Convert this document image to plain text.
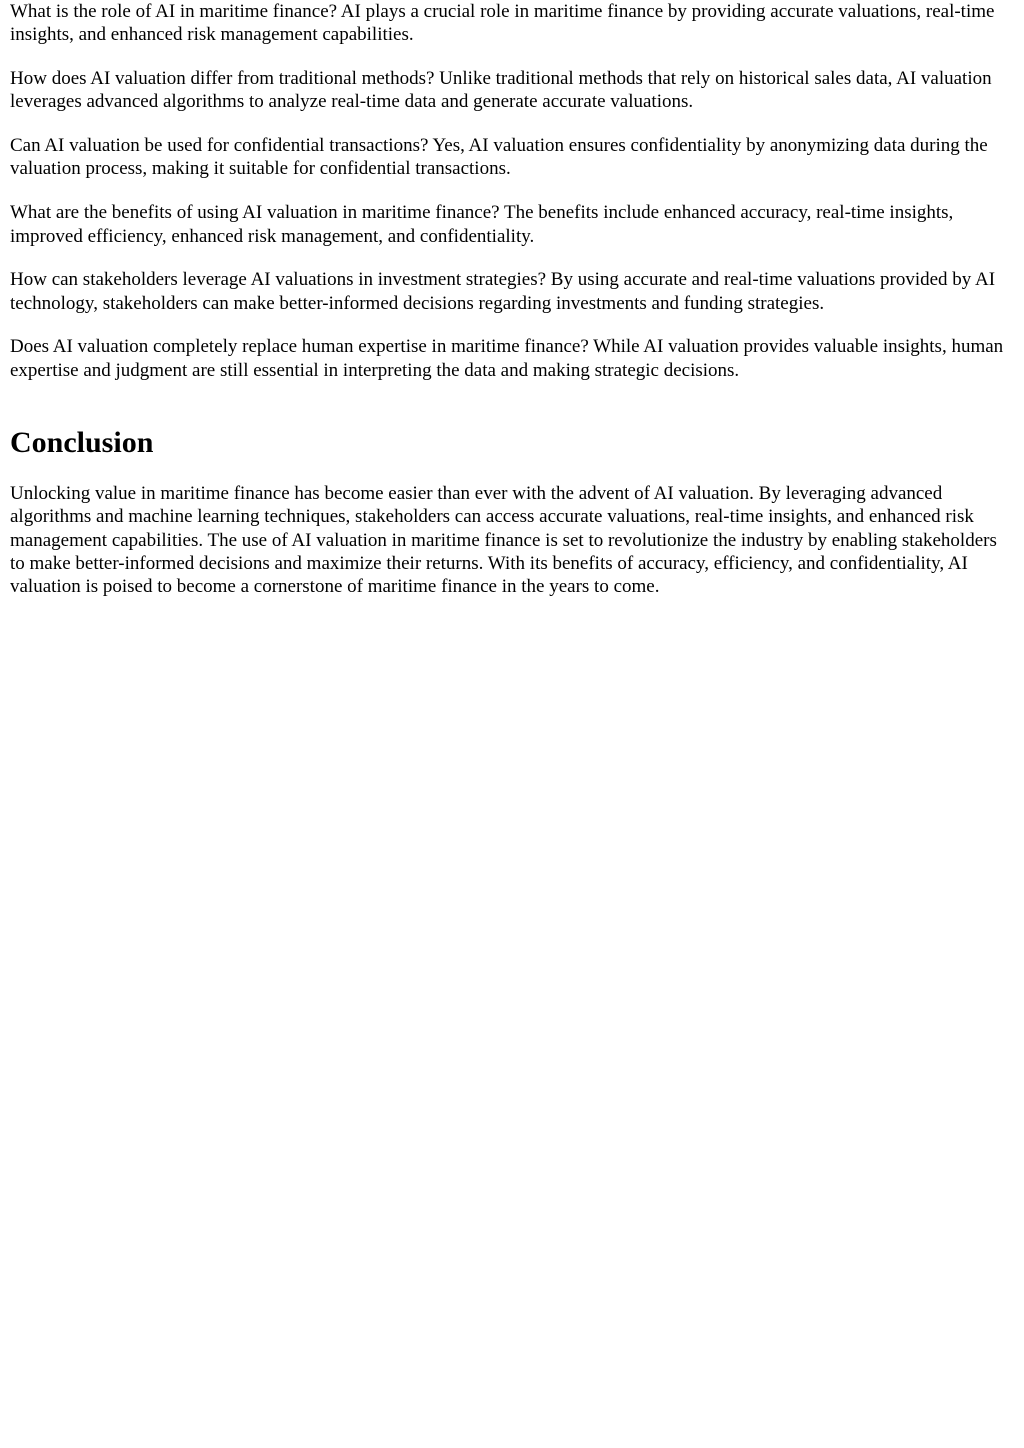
What is the role of AI in maritime finance? AI plays a crucial role in maritime finance by providing accurate valuations, real-time insights, and enhanced risk management capabilities.

How does AI valuation differ from traditional methods? Unlike traditional methods that rely on historical sales data, AI valuation leverages advanced algorithms to analyze real-time data and generate accurate valuations.

Can AI valuation be used for confidential transactions? Yes, AI valuation ensures confidentiality by anonymizing data during the valuation process, making it suitable for confidential transactions.

What are the benefits of using AI valuation in maritime finance? The benefits include enhanced accuracy, real-time insights, improved efficiency, enhanced risk management, and confidentiality.

How can stakeholders leverage AI valuations in investment strategies? By using accurate and real-time valuations provided by AI technology, stakeholders can make better-informed decisions regarding investments and funding strategies.

Does AI valuation completely replace human expertise in maritime finance? While AI valuation provides valuable insights, human expertise and judgment are still essential in interpreting the data and making strategic decisions.

Conclusion

Unlocking value in maritime finance has become easier than ever with the advent of AI valuation. By leveraging advanced algorithms and machine learning techniques, stakeholders can access accurate valuations, real-time insights, and enhanced risk management capabilities. The use of AI valuation in maritime finance is set to revolutionize the industry by enabling stakeholders to make better-informed decisions and maximize their returns. With its benefits of accuracy, efficiency, and confidentiality, AI valuation is poised to become a cornerstone of maritime finance in the years to come.
